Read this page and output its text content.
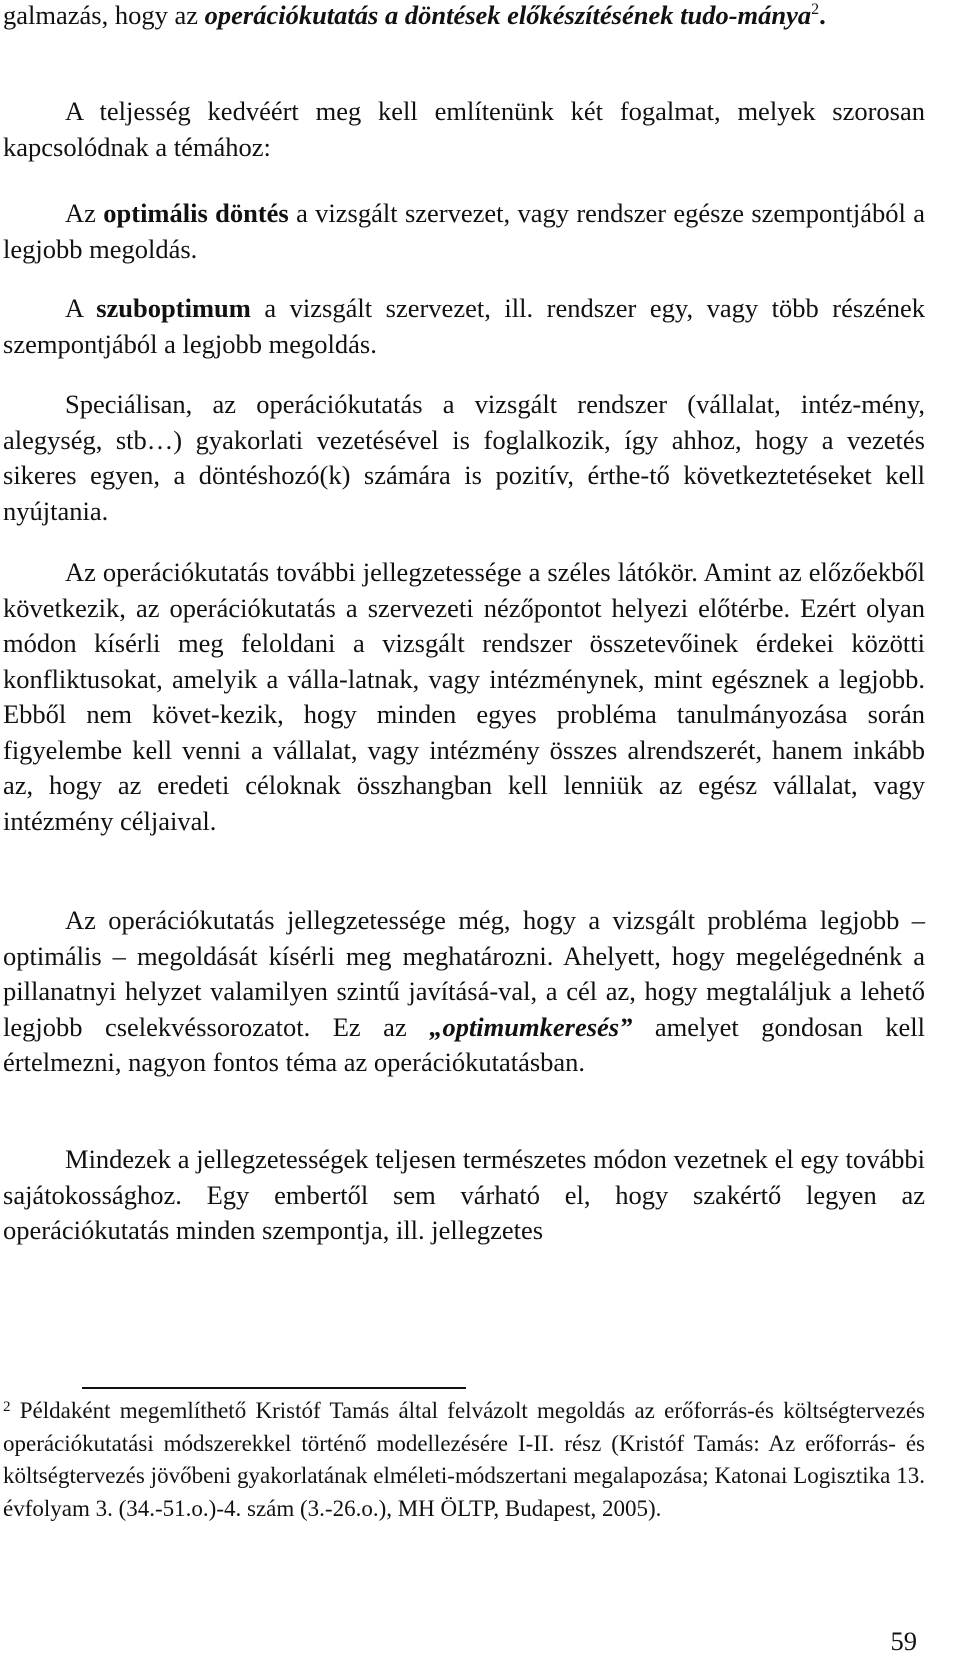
galmazás, hogy az operációkutatás a döntések előkészítésének tudo-mánya$^2$.

A teljesség kedvéért meg kell említenünk két fogalmat, melyek szorosan kapcsolódnak a témához:

Az optimális döntés a vizsgált szervezet, vagy rendszer egésze szempontjából a legjobb megoldás.

A szuboptimum a vizsgált szervezet, ill. rendszer egy, vagy több részének szempontjából a legjobb megoldás.

Speciálisan, az operációkutatás a vizsgált rendszer (vállalat, intéz-mény, alegység, stb…) gyakorlati vezetésével is foglalkozik, így ahhoz, hogy a vezetés sikeres egyen, a döntéshozó(k) számára is pozitív, érthe-tő következtetéseket kell nyújtania.

Az operációkutatás további jellegzetessége a széles látókör. Amint az előzőekből következik, az operációkutatás a szervezeti nézőpontot helyezi előtérbe. Ezért olyan módon kísérli meg feloldani a vizsgált rendszer összetevőinek érdekei közötti konfliktusokat, amelyik a válla-latnak, vagy intézménynek, mint egésznek a legjobb. Ebből nem követ-kezik, hogy minden egyes probléma tanulmányozása során figyelembe kell venni a vállalat, vagy intézmény összes alrendszerét, hanem inkább az, hogy az eredeti céloknak összhangban kell lenniük az egész vállalat, vagy intézmény céljaival.

Az operációkutatás jellegzetessége még, hogy a vizsgált probléma legjobb – optimális – megoldását kísérli meg meghatározni. Ahelyett, hogy megelégednénk a pillanatnyi helyzet valamilyen szintű javításá-val, a cél az, hogy megtaláljuk a lehető legjobb cselekvéssorozatot. Ez az „optimumkeresés” amelyet gondosan kell értelmezni, nagyon fontos téma az operációkutatásban.

Mindezek a jellegzetességek teljesen természetes módon vezetnek el egy további sajátokossághoz. Egy embertől sem várható el, hogy szakértő legyen az operációkutatás minden szempontja, ill. jellegzetes

$^2$ Példaként megemlíthető Kristóf Tamás által felvázolt megoldás az erőforrás-és költségtervezés operációkutatási módszerekkel történő modellezésére I-II. rész (Kristóf Tamás: Az erőforrás- és költségtervezés jövőbeni gyakorlatának elméleti-módszertani megalapozása; Katonai Logisztika 13. évfolyam 3. (34.-51.o.)-4. szám (3.-26.o.), MH ÖLTP, Budapest, 2005).

59
